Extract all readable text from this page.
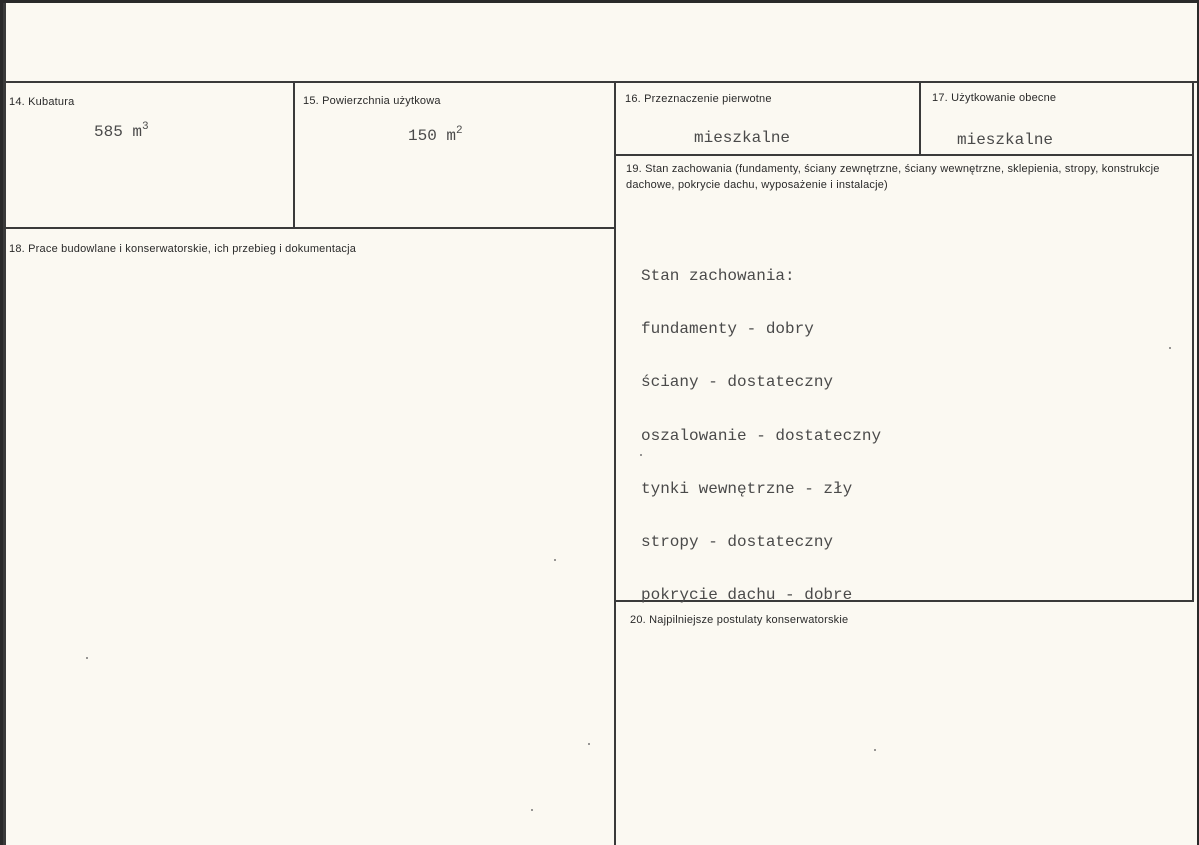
14. Kubatura
585 $m^3$
15. Powierzchnia użytkowa
150 $m^2$
16. Przeznaczenie pierwotne
mieszkalne
17. Użytkowanie obecne
mieszkalne
19. Stan zachowania (fundamenty, ściany zewnętrzne, ściany wewnętrzne, sklepienia, stropy, konstrukcje dachowe, pokrycie dachu, wyposażenie i instalacje)

Stan zachowania:

fundamenty - dobry

ściany - dostateczny

oszalowanie - dostateczny

tynki wewnętrzne - zły

stropy - dostateczny

pokrycie dachu - dobre

18. Prace budowlane i konserwatorskie, ich przebieg i dokumentacja
20. Najpilniejsze postulaty konserwatorskie
